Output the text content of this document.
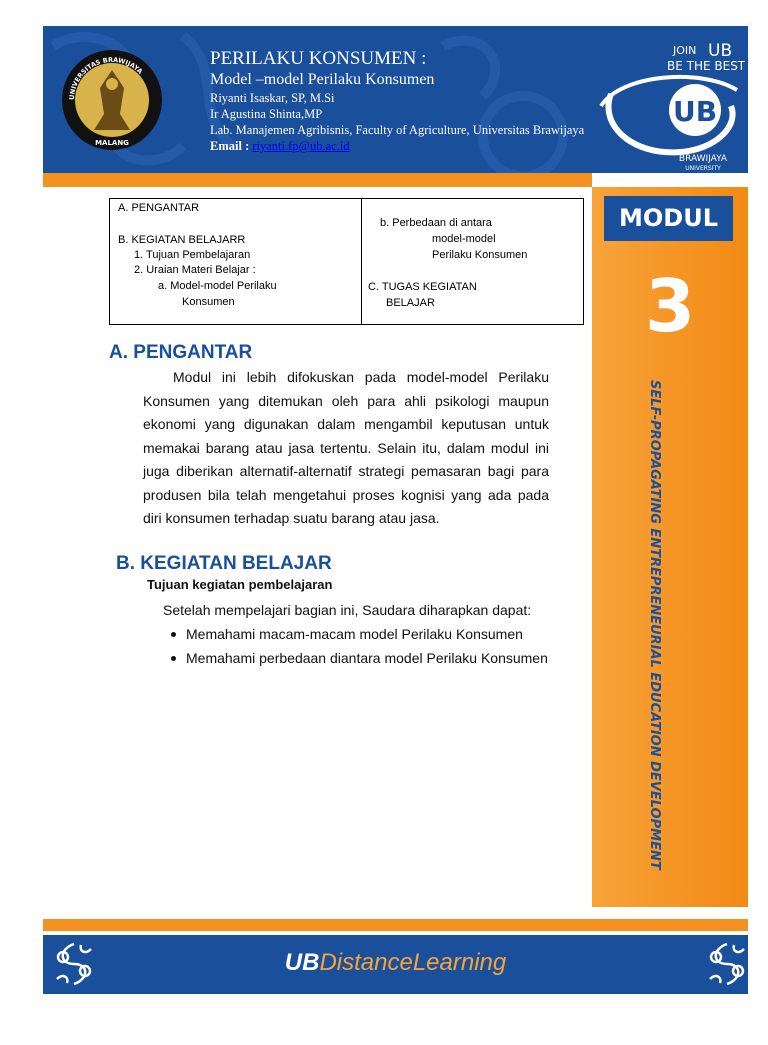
UNIVERSITAS BRAWIJAYA
MALANG
PERILAKU KONSUMEN :
Model –model Perilaku Konsumen
Riyanti Isaskar, SP, M.Si
Ir Agustina Shinta,MP
Lab. Manajemen Agribisnis, Faculty of Agriculture, Universitas Brawijaya
Email : riyanti.fp@ub.ac.id
JOIN UB
BE THE BEST
UB
BRAWIJAYA
UNIVERSITY
MODUL
3
SELF-PROPAGATING ENTREPRENEURIAL EDUCATION DEVELOPMENT
A. PENGANTAR
B. KEGIATAN BELAJARR
1. Tujuan Pembelajaran
2. Uraian Materi Belajar :
a. Model-model Perilaku
Konsumen
b. Perbedaan di antara
model-model
Perilaku Konsumen
C. TUGAS KEGIATAN
BELAJAR
A. PENGANTAR
Modul ini lebih difokuskan pada model-model Perilaku Konsumen yang ditemukan oleh para ahli psikologi maupun ekonomi yang digunakan dalam mengambil keputusan untuk memakai barang atau jasa tertentu. Selain itu, dalam modul ini juga diberikan alternatif-alternatif strategi pemasaran bagi para produsen bila telah mengetahui proses kognisi yang ada pada diri konsumen terhadap suatu barang atau jasa.
B. KEGIATAN BELAJAR
Tujuan kegiatan pembelajaran
Setelah mempelajari bagian ini, Saudara diharapkan dapat:
Memahami macam-macam model Perilaku Konsumen
Memahami perbedaan diantara model Perilaku Konsumen
UBDistanceLearning
